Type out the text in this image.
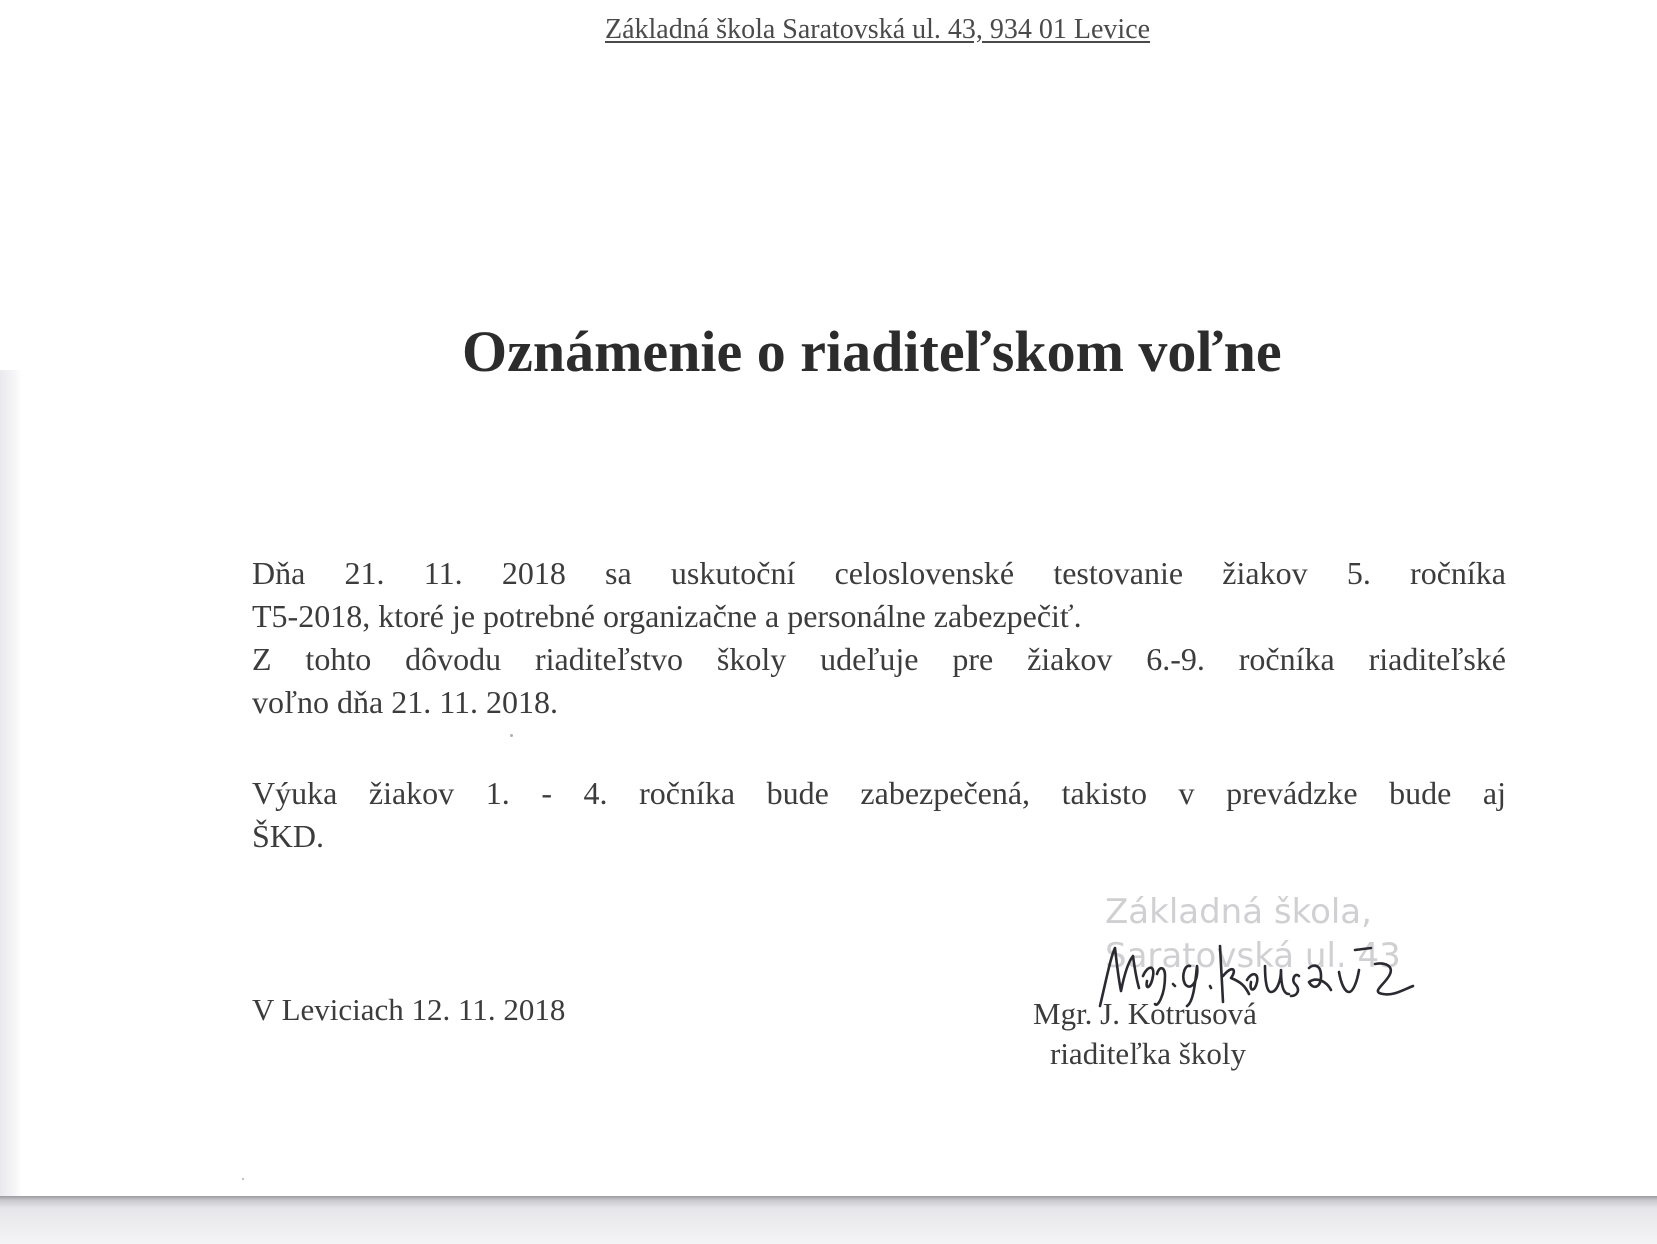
Základná škola Saratovská ul. 43, 934 01 Levice
Oznámenie o riaditeľskom voľne
Dňa 21. 11. 2018 sa uskutoční celoslovenské testovanie žiakov 5. ročníka
T5-2018, ktoré je potrebné organizačne a personálne zabezpečiť.
Z tohto dôvodu riaditeľstvo školy udeľuje pre žiakov 6.-9. ročníka riaditeľské
voľno dňa 21. 11. 2018.
Výuka žiakov 1. - 4. ročníka bude zabezpečená, takisto v prevádzke bude aj
ŠKD.
V Leviciach 12. 11. 2018
Základná škola,
Saratovská ul. 43
Mgr. J. Kotrusová
riaditeľka školy
